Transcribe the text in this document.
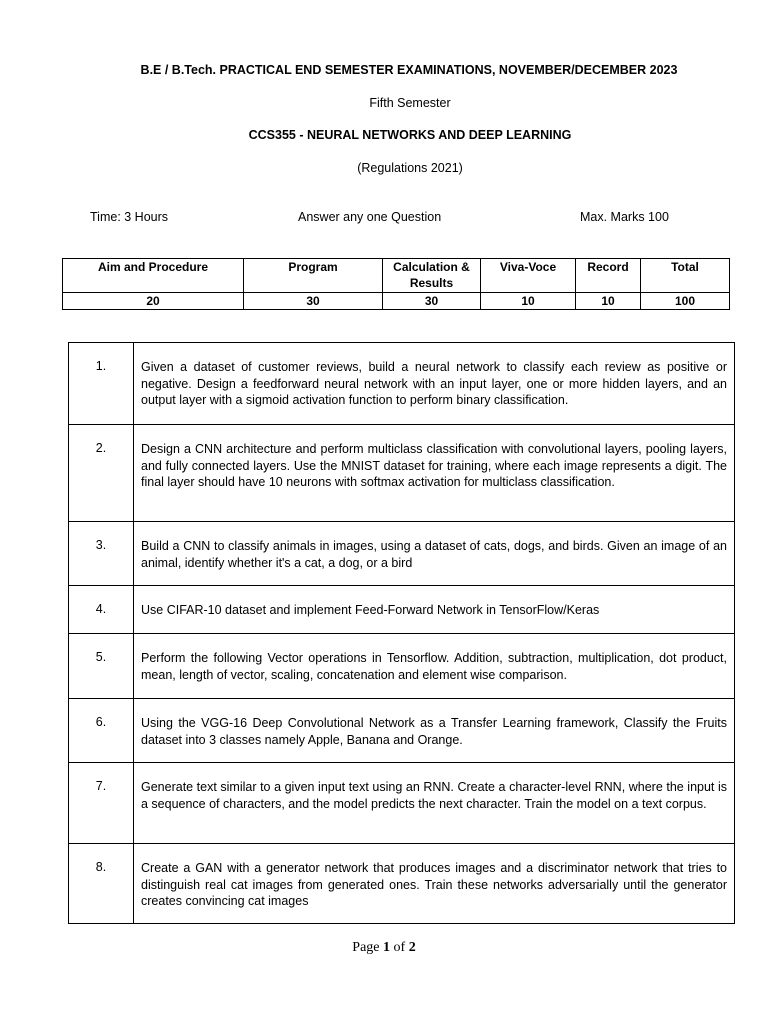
B.E / B.Tech. PRACTICAL END SEMESTER EXAMINATIONS, NOVEMBER/DECEMBER 2023
Fifth Semester
CCS355 - NEURAL NETWORKS AND DEEP LEARNING
(Regulations 2021)
Time: 3 Hours	Answer any one Question	Max. Marks 100
Aim and Procedure	Program	Calculation & Results	Viva-Voce	Record	Total
20	30	30	10	10	100
1.	Given a dataset of customer reviews, build a neural network to classify each review as positive or negative. Design a feedforward neural network with an input layer, one or more hidden layers, and an output layer with a sigmoid activation function to perform binary classification.
2.	Design a CNN architecture and perform multiclass classification with convolutional layers, pooling layers, and fully connected layers. Use the MNIST dataset for training, where each image represents a digit. The final layer should have 10 neurons with softmax activation for multiclass classification.
3.	Build a CNN to classify animals in images, using a dataset of cats, dogs, and birds. Given an image of an animal, identify whether it's a cat, a dog, or a bird
4.	Use CIFAR-10 dataset and implement Feed-Forward Network in TensorFlow/Keras
5.	Perform the following Vector operations in Tensorflow. Addition, subtraction, multiplication, dot product, mean, length of vector, scaling, concatenation and element wise comparison.
6.	Using the VGG-16 Deep Convolutional Network as a Transfer Learning framework, Classify the Fruits dataset into 3 classes namely Apple, Banana and Orange.
7.	Generate text similar to a given input text using an RNN. Create a character-level RNN, where the input is a sequence of characters, and the model predicts the next character. Train the model on a text corpus.
8.	Create a GAN with a generator network that produces images and a discriminator network that tries to distinguish real cat images from generated ones. Train these networks adversarially until the generator creates convincing cat images
Page 1 of 2
